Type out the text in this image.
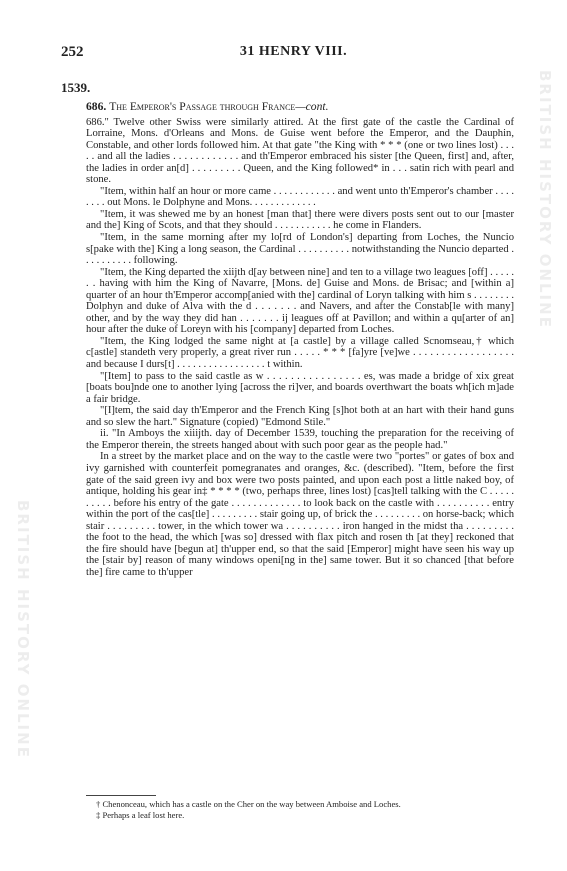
BRITISH HISTORY ONLINE
BRITISH HISTORY ONLINE
31 HENRY VIII.
252
1539.
686. The Emperor's Passage through France—cont.

686." Twelve other Swiss were similarly attired. At the first gate of the castle the Cardinal of Lorraine, Mons. d'Orleans and Mons. de Guise went before the Emperor, and the Dauphin, Constable, and other lords followed him. At that gate "the King with * * * (one or two lines lost) . . . . . and all the ladies . . . . . . . . . . . . and th'Emperor embraced his sister [the Queen, first] and, after, the ladies in order an[d] . . . . . . . . . Queen, and the King followed* in . . . satin rich with pearl and stone.

"Item, within half an hour or more came . . . . . . . . . . . . and went unto th'Emperor's chamber . . . . . . . . out Mons. le Dolphyne and Mons. . . . . . . . . . . . .

"Item, it was shewed me by an honest [man that] there were divers posts sent out to our [master and the] King of Scots, and that they should . . . . . . . . . . . he come in Flanders.

"Item, in the same morning after my lo[rd of London's] departing from Loches, the Nuncio s[pake with the] King a long season, the Cardinal . . . . . . . . . . notwithstanding the Nuncio departed . . . . . . . . . . following.

"Item, the King departed the xiijth d[ay between nine] and ten to a village two leagues [off] . . . . . . . having with him the King of Navarre, [Mons. de] Guise and Mons. de Brisac; and [within a] quarter of an hour th'Emperor accomp[anied with the] cardinal of Loryn talking with him s . . . . . . . . Dolphyn and duke of Alva with the d . . . . . . . and Navers, and after the Constab[le with many] other, and by the way they did han . . . . . . . ij leagues off at Pavillon; and within a qu[arter of an] hour after the duke of Loreyn with his [company] departed from Loches.

"Item, the King lodged the same night at [a castle] by a village called Scnomseau,† which c[astle] standeth very properly, a great river run . . . . . * * * [fa]yre [ve]we . . . . . . . . . . . . . . . . . . and because I durs[t] . . . . . . . . . . . . . . . . . t within.

"[Item] to pass to the said castle as w . . . . . . . . . . . . . . . . es, was made a bridge of xix great [boats bou]nde one to another lying [across the ri]ver, and boards overthwart the boats wh[ich m]ade a fair bridge.

"[I]tem, the said day th'Emperor and the French King [s]hot both at an hart with their hand guns and so slew the hart." Signature (copied) "Edmond Stile."

ii. "In Amboys the xiiijth. day of December 1539, touching the preparation for the receiving of the Emperor therein, the streets hanged about with such poor gear as the people had."

In a street by the market place and on the way to the castle were two "portes" or gates of box and ivy garnished with counterfeit pomegranates and oranges, &c. (described). "Item, before the first gate of the said green ivy and box were two posts painted, and upon each post a little naked boy, of antique, holding his gear in‡ * * * * (two, perhaps three, lines lost) [cas]tell talking with the C . . . . . . . . . . before his entry of the gate . . . . . . . . . . . . . to look back on the castle with . . . . . . . . . . entry within the port of the cas[tle] . . . . . . . . . stair going up, of brick the . . . . . . . . . on horse-back; which stair . . . . . . . . . tower, in the which tower wa . . . . . . . . . . iron hanged in the midst tha . . . . . . . . . the foot to the head, the which [was so] dressed with flax pitch and rosen th [at they] reckoned that the fire should have [begun at] th'upper end, so that the said [Emperor] might have seen his way up the [stair by] reason of many windows openi[ng in the] same tower. But it so chanced [that before the] fire came to th'upper

† Chenonceau, which has a castle on the Cher on the way between Amboise and Loches.
‡ Perhaps a leaf lost here.
